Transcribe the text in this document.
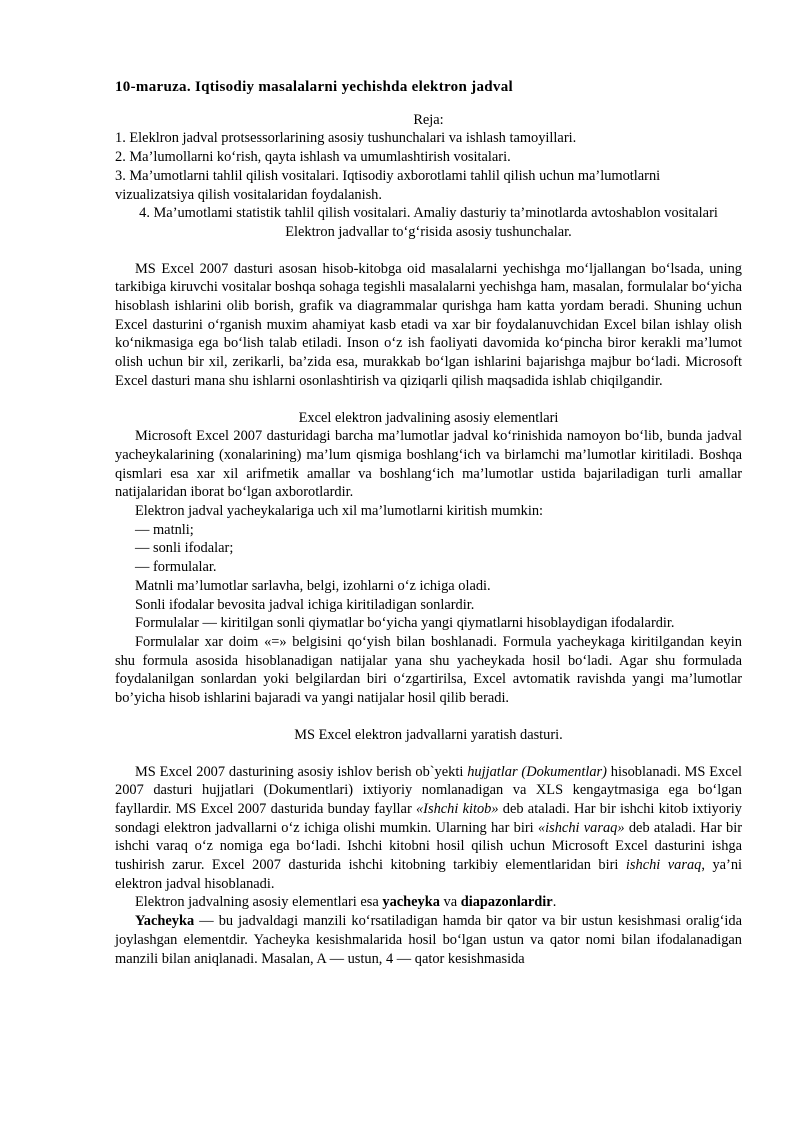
10-maruza. Iqtisodiy masalalarni yechishda elektron jadval
Reja:

1. Eleklron jadval protsessorlarining asosiy tushunchalari va ishlash tamoyillari.

2. Ma’lumollarni ko‘rish, qayta ishlash va umumlashtirish vositalari.

3. Ma’umotlarni tahlil qilish vositalari. Iqtisodiy axborotlami tahlil qilish uchun ma’lumotlarni vizualizatsiya qilish vositalaridan foydalanish.

4. Ma’umotlami statistik tahlil qilish vositalari. Amaliy dasturiy ta’minotlarda avtoshablon vositalari

Elektron jadvallar to‘g‘risida asosiy tushunchalar.

MS Excel 2007 dasturi asosan hisob-kitobga oid masalalarni yechishga mo‘ljallangan bo‘lsada, uning tarkibiga kiruvchi vositalar boshqa sohaga tegishli masalalarni yechishga ham, masalan, formulalar bo‘yicha hisoblash ishlarini olib borish, grafik va diagrammalar qurishga ham katta yordam beradi. Shuning uchun Excel dasturini o‘rganish muxim ahamiyat kasb etadi va xar bir foydalanuvchidan Excel bilan ishlay olish ko‘nikmasiga ega bo‘lish talab etiladi. Inson o‘z ish faoliyati davomida ko‘pincha biror kerakli ma’lumot olish uchun bir xil, zerikarli, ba’zida esa, murakkab bo‘lgan ishlarini bajarishga majbur bo‘ladi. Microsoft Excel dasturi mana shu ishlarni osonlashtirish va qiziqarli qilish maqsadida ishlab chiqilgandir.

Excel elektron jadvalining asosiy elementlari

Microsoft Excel 2007 dasturidagi barcha ma’lumotlar jadval ko‘rinishida namoyon bo‘lib, bunda jadval yacheykalarining (xonalarining) ma’lum qismiga boshlang‘ich va birlamchi ma’lumotlar kiritiladi. Boshqa qismlari esa xar xil arifmetik amallar va boshlang‘ich ma’lumotlar ustida bajariladigan turli amallar natijalaridan iborat bo‘lgan axborotlardir.

Elektron jadval yacheykalariga uch xil ma’lumotlarni kiritish mumkin:

— matnli;

— sonli ifodalar;

— formulalar.

Matnli ma’lumotlar sarlavha, belgi, izohlarni o‘z ichiga oladi.

Sonli ifodalar bevosita jadval ichiga kiritiladigan sonlardir.

Formulalar — kiritilgan sonli qiymatlar bo‘yicha yangi qiymatlarni hisoblaydigan ifodalardir.

Formulalar xar doim «=» belgisini qo‘yish bilan boshlanadi. Formula yacheykaga kiritilgandan keyin shu formula asosida hisoblanadigan natijalar yana shu yacheykada hosil bo‘ladi. Agar shu formulada foydalanilgan sonlardan yoki belgilardan biri o‘zgartirilsa, Excel avtomatik ravishda yangi ma’lumotlar bo’yicha hisob ishlarini bajaradi va yangi natijalar hosil qilib beradi.

MS Excel elektron jadvallarni yaratish dasturi.

MS Excel 2007 dasturining asosiy ishlov berish ob`yekti hujjatlar (Dokumentlar) hisoblanadi. MS Excel 2007 dasturi hujjatlari (Dokumentlari) ixtiyoriy nomlanadigan va XLS kengaytmasiga ega bo‘lgan fayllardir. MS Excel 2007 dasturida bunday fayllar «Ishchi kitob» deb ataladi. Har bir ishchi kitob ixtiyoriy sondagi elektron jadvallarni o‘z ichiga olishi mumkin. Ularning har biri «ishchi varaq» deb ataladi. Har bir ishchi varaq o‘z nomiga ega bo‘ladi. Ishchi kitobni hosil qilish uchun Microsoft Excel dasturini ishga tushirish zarur. Excel 2007 dasturida ishchi kitobning tarkibiy elementlaridan biri ishchi varaq, ya’ni elektron jadval hisoblanadi.

Elektron jadvalning asosiy elementlari esa yacheyka va diapazonlardir.

Yacheyka — bu jadvaldagi manzili ko‘rsatiladigan hamda bir qator va bir ustun kesishmasi oralig‘ida joylashgan elementdir. Yacheyka kesishmalarida hosil bo‘lgan ustun va qator nomi bilan ifodalanadigan manzili bilan aniqlanadi. Masalan, A — ustun, 4 — qator kesishmasida
